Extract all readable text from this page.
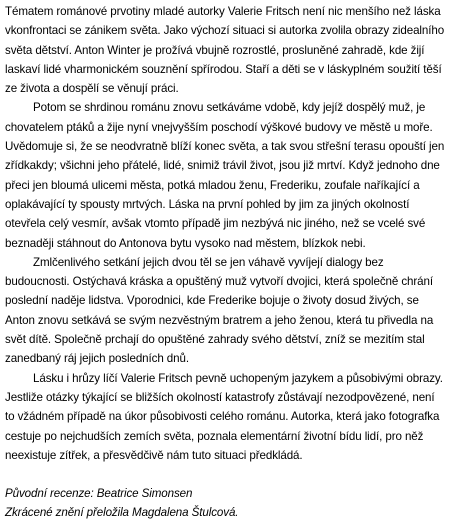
Tématem románové prvotiny mladé autorky Valerie Fritsch není nic menšího než láska vkonfrontaci se zánikem světa. Jako výchozí situaci si autorka zvolila obrazy zidealního světa dětství. Anton Winter je prožívá vbujně rozrostlé, prosluněné zahradě, kde žijí laskaví lidé vharmonickém souznění spřírodou. Staří a děti se v láskyplném soužití těší ze života a dospělí se věnují práci.

Potom se shrdinou románu znovu setkáváme vdobě, kdy jejíž dospělý muž, je chovatelem ptáků a žije nyní vnejvyšším poschodí výškové budovy ve městě u moře. Uvědomuje si, že se neodvratně blíží konec světa, a tak svou střešní terasu opouští jen zřídkakdy; všichni jeho přátelé, lidé, snimiž trávil život, jsou již mrtví. Když jednoho dne přeci jen bloumá ulicemi města, potká mladou ženu, Frederiku, zoufale naříkající a oplakávající ty spousty mrtvých. Láska na první pohled by jim za jiných okolností otevřela celý vesmír, avšak vtomto případě jim nezbývá nic jiného, než se vcelé své beznaději stáhnout do Antonova bytu vysoko nad městem, blízkok nebi.

Zmlčenlivého setkání jejich dvou těl se jen váhavě vyvíjejí dialogy bez budoucnosti. Ostýchavá kráska a opuštěný muž vytvoří dvojici, která společně chrání poslední naděje lidstva. Vporodnici, kde Frederike bojuje o životy dosud živých, se Anton znovu setkává se svým nezvěstným bratrem a jeho ženou, která tu přivedla na svět dítě. Společně prchají do opuštěné zahrady svého dětství, zníž se mezitím stal zanedbaný ráj jejich posledních dnů.

Lásku i hrůzy líčí Valerie Fritsch pevně uchopeným jazykem a působivými obrazy. Jestliže otázky týkající se bližších okolností katastrofy zůstávají nezodpovězené, není to vžádném případě na úkor působivosti celého románu. Autorka, která jako fotografka cestuje po nejchudších zemích světa, poznala elementární životní bídu lidí, pro něž neexistuje zítřek, a přesvědčivě nám tuto situaci předkládá.

Původní recenze: Beatrice Simonsen

Zkrácené znění přeložila Magdalena Štulcová.
